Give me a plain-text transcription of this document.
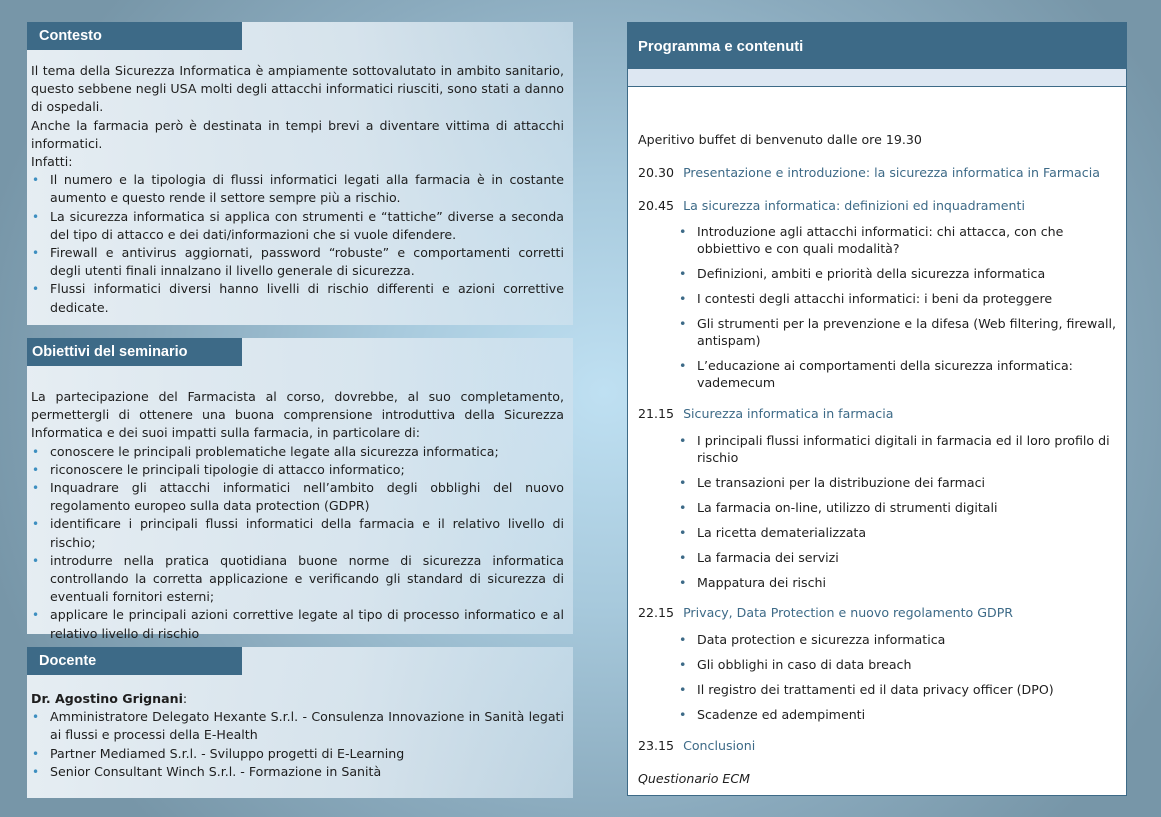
Contesto

Il tema della Sicurezza Informatica è ampiamente sottovalutato in ambito sanitario, questo sebbene negli USA molti degli attacchi informatici riusciti, sono stati a danno di ospedali.

Anche la farmacia però è destinata in tempi brevi a diventare vittima di attacchi informatici.

Infatti:

• Il numero e la tipologia di flussi informatici legati alla farmacia è in costante aumento e questo rende il settore sempre più a rischio.
• La sicurezza informatica si applica con strumenti e “tattiche” diverse a seconda del tipo di attacco e dei dati/informazioni che si vuole difendere.
• Firewall e antivirus aggiornati, password “robuste” e comportamenti corretti degli utenti finali innalzano il livello generale di sicurezza.
• Flussi informatici diversi hanno livelli di rischio differenti e azioni correttive dedicate.
Obiettivi del seminario

La partecipazione del Farmacista al corso, dovrebbe, al suo completamento, permettergli di ottenere una buona comprensione introduttiva della Sicurezza Informatica e dei suoi impatti sulla farmacia, in particolare di:

• conoscere le principali problematiche legate alla sicurezza informatica;
• riconoscere le principali tipologie di attacco informatico;
• Inquadrare gli attacchi informatici nell’ambito degli obblighi del nuovo regolamento europeo sulla data protection (GDPR)
• identificare i principali flussi informatici della farmacia e il relativo livello di rischio;
• introdurre nella pratica quotidiana buone norme di sicurezza informatica controllando la corretta applicazione e verificando gli standard di sicurezza di eventuali fornitori esterni;
• applicare le principali azioni correttive legate al tipo di processo informatico e al relativo livello di rischio
Docente

Dr. Agostino Grignani:

• Amministratore Delegato Hexante S.r.l. - Consulenza Innovazione in Sanità legati ai flussi e processi della E-Health
• Partner Mediamed S.r.l. - Sviluppo progetti di E-Learning
• Senior Consultant Winch S.r.l. - Formazione in Sanità
Programma e contenuti

Aperitivo buffet di benvenuto dalle ore 19.30

20.30 Presentazione e introduzione: la sicurezza informatica in Farmacia

20.45 La sicurezza informatica: definizioni ed inquadramenti

• Introduzione agli attacchi informatici: chi attacca, con che obbiettivo e con quali modalità?
• Definizioni, ambiti e priorità della sicurezza informatica
• I contesti degli attacchi informatici: i beni da proteggere
• Gli strumenti per la prevenzione e la difesa (Web filtering, firewall, antispam)
• L’educazione ai comportamenti della sicurezza informatica: vademecum

21.15 Sicurezza informatica in farmacia

• I principali flussi informatici digitali in farmacia ed il loro profilo di rischio
• Le transazioni per la distribuzione dei farmaci
• La farmacia on-line, utilizzo di strumenti digitali
• La ricetta dematerializzata
• La farmacia dei servizi
• Mappatura dei rischi

22.15 Privacy, Data Protection e nuovo regolamento GDPR

• Data protection e sicurezza informatica
• Gli obblighi in caso di data breach
• Il registro dei trattamenti ed il data privacy officer (DPO)
• Scadenze ed adempimenti

23.15 Conclusioni

Questionario ECM
